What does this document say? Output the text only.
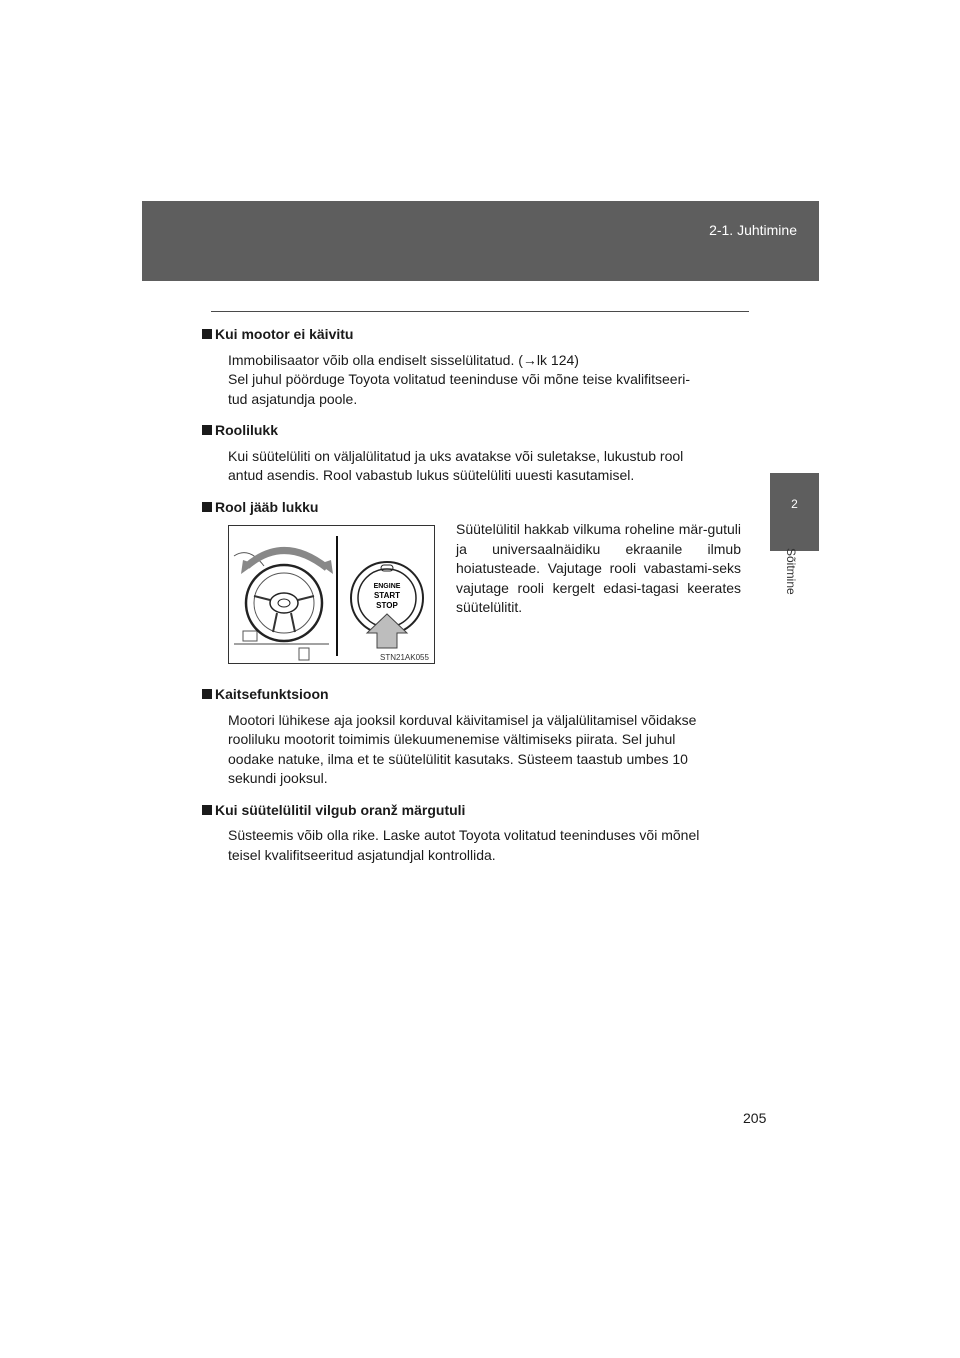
2-1. Juhtimine
2
Sõitmine
Kui mootor ei käivitu
Immobilisaator võib olla endiselt sisselülitatud. (→lk 124)
Sel juhul pöörduge Toyota volitatud teeninduse või mõne teise kvalifitseeri-
tud asjatundja poole.
Roolilukk
Kui süütelüliti on väljalülitatud ja uks avatakse või suletakse, lukustub rool
antud asendis. Rool vabastub lukus süütelüliti uuesti kasutamisel.
Rool jääb lukku
ENGINE
START
STOP
STN21AK055
Süütelülitil hakkab vilkuma roheline mär-gutuli ja universaalnäidiku ekraanile ilmub hoiatusteade. Vajutage rooli vabastami-seks vajutage rooli kergelt edasi-tagasi keerates süütelülitit.
Kaitsefunktsioon
Mootori lühikese aja jooksil korduval käivitamisel ja väljalülitamisel võidakse
rooliluku mootorit toimimis ülekuumenemise vältimiseks piirata. Sel juhul
oodake natuke, ilma et te süütelülitit kasutaks. Süsteem taastub umbes 10
sekundi jooksul.
Kui süütelülitil vilgub oranž märgutuli
Süsteemis võib olla rike. Laske autot Toyota volitatud teeninduses või mõnel
teisel kvalifitseeritud asjatundjal kontrollida.
205
